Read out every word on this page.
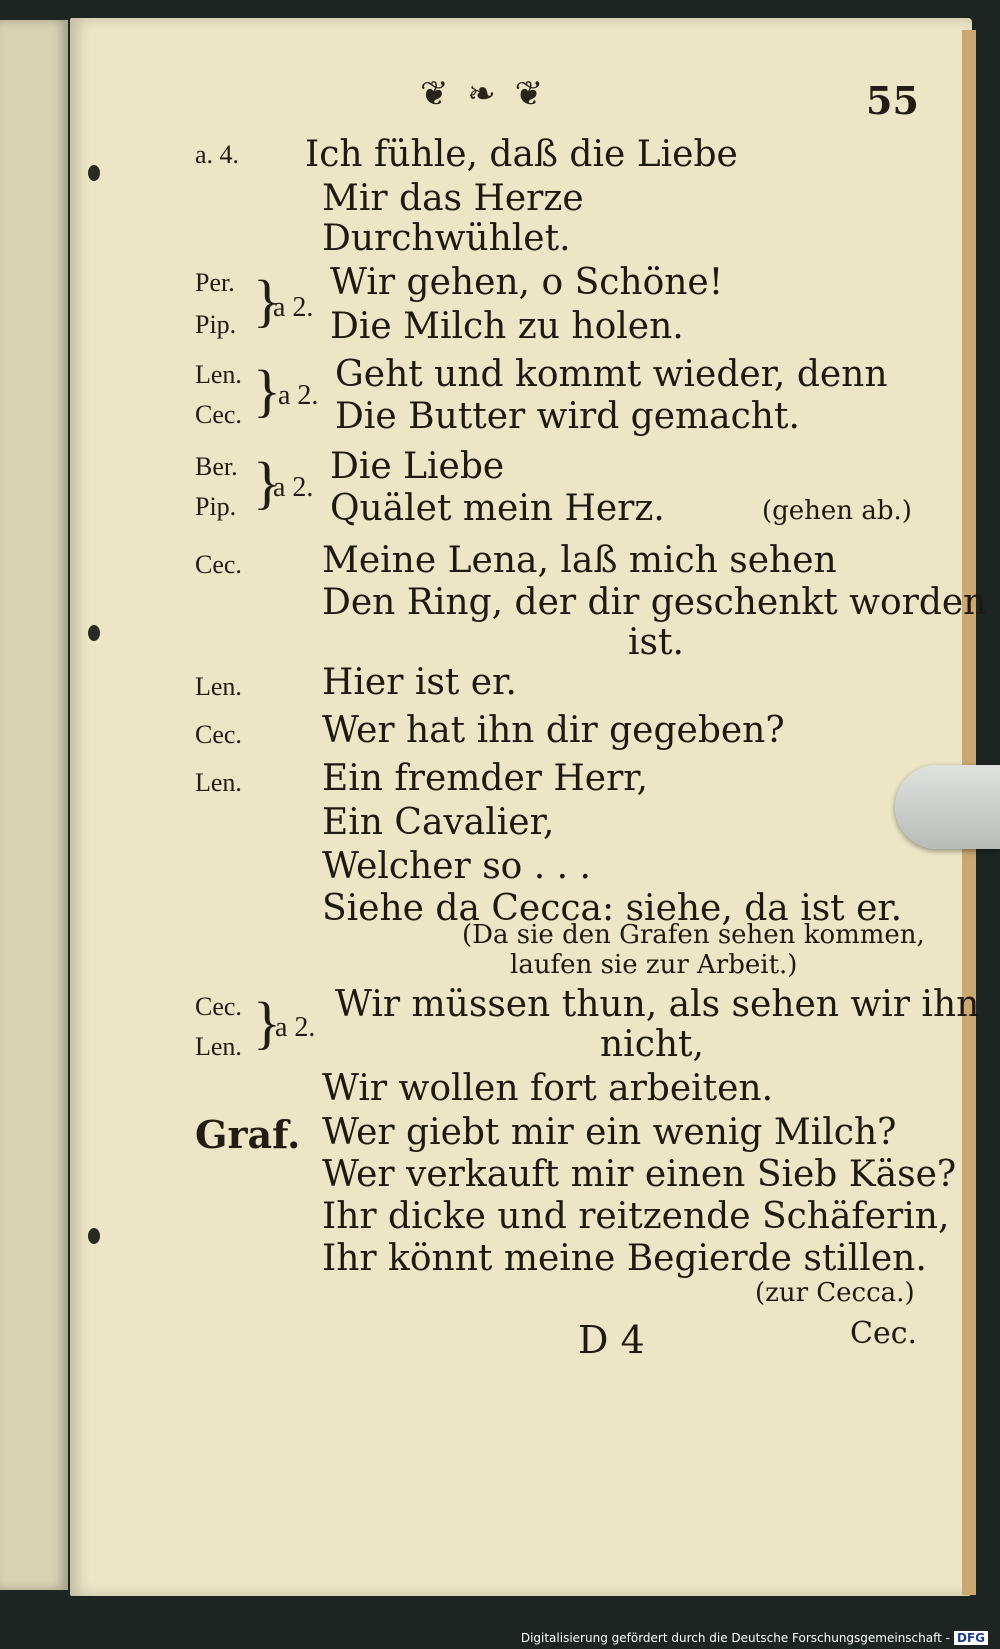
❦ ❧ ❦	55
a. 4. Ich fühle, daß die Liebe
Mir das Herze
Durchwühlet.
Per.
Pip. }
a 2.
Wir gehen, o Schöne!
Die Milch zu holen.
Len.
Cec. }
a 2.
Geht und kommt wieder, denn
Die Butter wird gemacht.
Ber.
Pip. }
a 2.
Die Liebe
Quälet mein Herz.	(gehen ab.)
Cec. Meine Lena, laß mich sehen
Den Ring, der dir geschenkt worden
ist.
Len. Hier ist er.
Cec. Wer hat ihn dir gegeben?
Len. Ein fremder Herr,
Ein Cavalier,
Welcher so . . .
Siehe da Cecca: siehe, da ist er.
(Da sie den Grafen sehen kommen,
laufen sie zur Arbeit.)
Cec.
Len. }
a 2.
Wir müssen thun, als sehen wir ihn
nicht,
Wir wollen fort arbeiten.
Graf. Wer giebt mir ein wenig Milch?
Wer verkauft mir einen Sieb Käse?
Ihr dicke und reitzende Schäferin,
Ihr könnt meine Begierde stillen.
(zur Cecca.)
D 4	Cec.
Digitalisierung gefördert durch die Deutsche Forschungsgemeinschaft - DFG
